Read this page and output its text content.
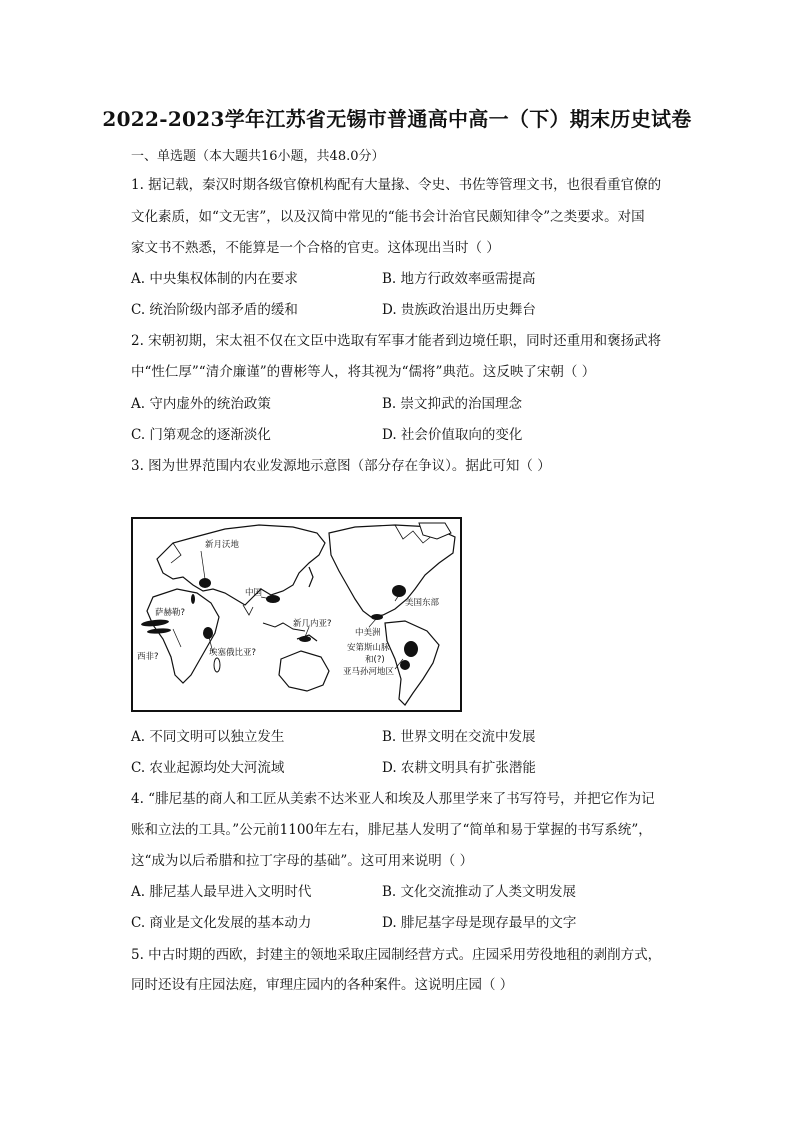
2022-2023学年江苏省无锡市普通高中高一（下）期末历史试卷
一、单选题（本大题共16小题，共48.0分）
1. 据记载，秦汉时期各级官僚机构配有大量掾、令史、书佐等管理文书，也很看重官僚的
文化素质，如“文无害”，以及汉简中常见的“能书会计治官民颇知律令”之类要求。对国
家文书不熟悉，不能算是一个合格的官吏。这体现出当时（ ）
A. 中央集权体制的内在要求	B. 地方行政效率亟需提高
C. 统治阶级内部矛盾的缓和	D. 贵族政治退出历史舞台
2. 宋朝初期，宋太祖不仅在文臣中选取有军事才能者到边境任职，同时还重用和褒扬武将
中“性仁厚”“清介廉谨”的曹彬等人，将其视为“儒将”典范。这反映了宋朝（ ）
A. 守内虚外的统治政策	B. 崇文抑武的治国理念
C. 门第观念的逐渐淡化	D. 社会价值取向的变化
3. 图为世界范围内农业发源地示意图（部分存在争议）。据此可知（ ）
新月沃地
中国
美国东部
萨赫勒?
新几内亚?
中美洲
西非?	埃塞俄比亚?	安第斯山脉
和(?)
亚马孙河地区
A. 不同文明可以独立发生	B. 世界文明在交流中发展
C. 农业起源均处大河流域	D. 农耕文明具有扩张潜能
4. “腓尼基的商人和工匠从美索不达米亚人和埃及人那里学来了书写符号，并把它作为记
账和立法的工具。”公元前1100年左右，腓尼基人发明了“简单和易于掌握的书写系统”，
这“成为以后希腊和拉丁字母的基础”。这可用来说明（ ）
A. 腓尼基人最早进入文明时代	B. 文化交流推动了人类文明发展
C. 商业是文化发展的基本动力	D. 腓尼基字母是现存最早的文字
5. 中古时期的西欧，封建主的领地采取庄园制经营方式。庄园采用劳役地租的剥削方式，
同时还设有庄园法庭，审理庄园内的各种案件。这说明庄园（ ）
